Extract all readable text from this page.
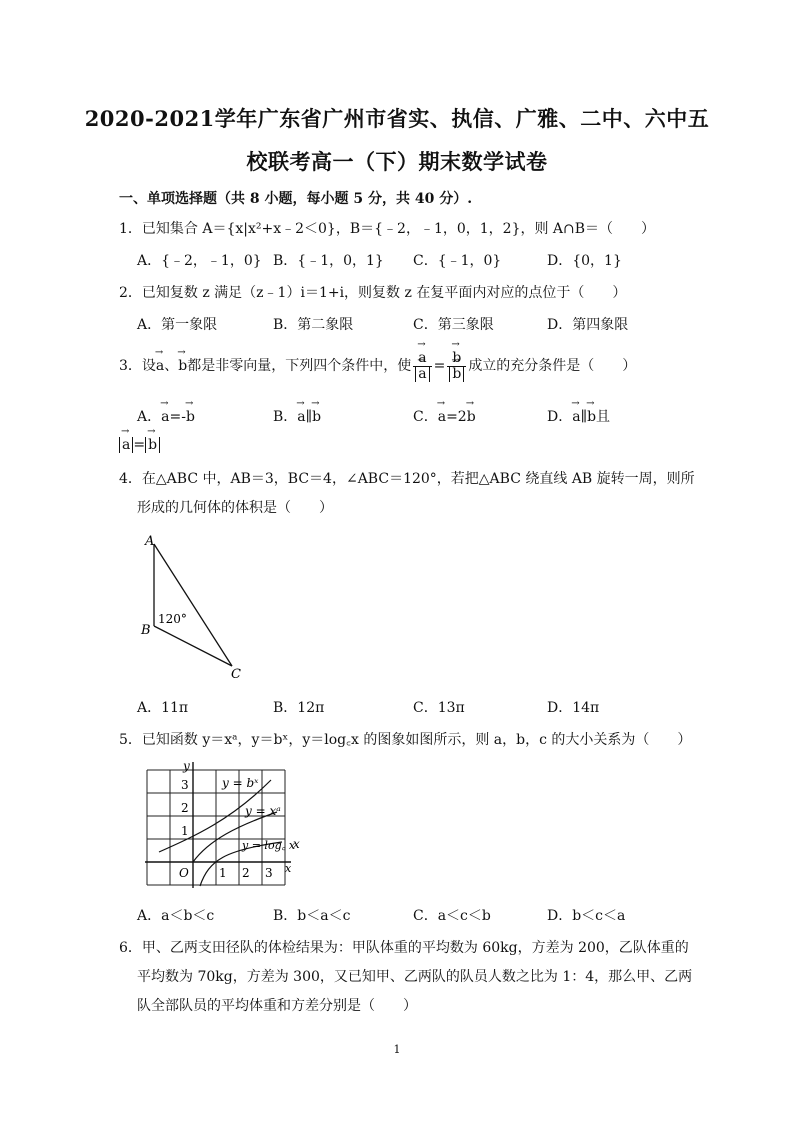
2020-2021学年广东省广州市省实、执信、广雅、二中、六中五
校联考高一（下）期末数学试卷
一、单项选择题（共 8 小题，每小题 5 分，共 40 分）.
1．已知集合 A＝{x|x²+x﹣2＜0}，B＝{﹣2，﹣1，0，1，2}，则 A∩B＝（　　）
A．{﹣2，﹣1，0} B．{﹣1，0，1} C．{﹣1，0}	D．{0，1}
2．已知复数 z 满足（z﹣1）i＝1+i，则复数 z 在复平面内对应的点位于（　　）
A．第一象限	B．第二象限	C．第三象限	D．第四象限
3．设→ a、→ b都是非零向量，下列四个条件中，使 → a
→ a = → b
→ b 成立的充分条件是（　　）
A．→ a=-→ b	B．→ a∥→ b	C．→ a=2→ b	D．→ a∥→ b且
→ a = → b
4．在△ABC 中，AB＝3，BC＝4，∠ABC＝120°，若把△ABC 绕直线 AB 旋转一周，则所
形成的几何体的体积是（　　）
A
B
C
120°
A．11π	B．12π	C．13π	D．14π
5．已知函数 y＝xᵃ，y＝bˣ，y＝log꜀x 的图象如图所示，则 a，b，c 的大小关系为（　　）
y
x
O
1
2
3
1 2 3
y = bˣ
y = xᵃ
y = log꜀ x
x
A．a＜b＜c	B．b＜a＜c	C．a＜c＜b	D．b＜c＜a
6．甲、乙两支田径队的体检结果为：甲队体重的平均数为 60kg，方差为 200，乙队体重的
平均数为 70kg，方差为 300，又已知甲、乙两队的队员人数之比为 1：4，那么甲、乙两
队全部队员的平均体重和方差分别是（　　）
1
